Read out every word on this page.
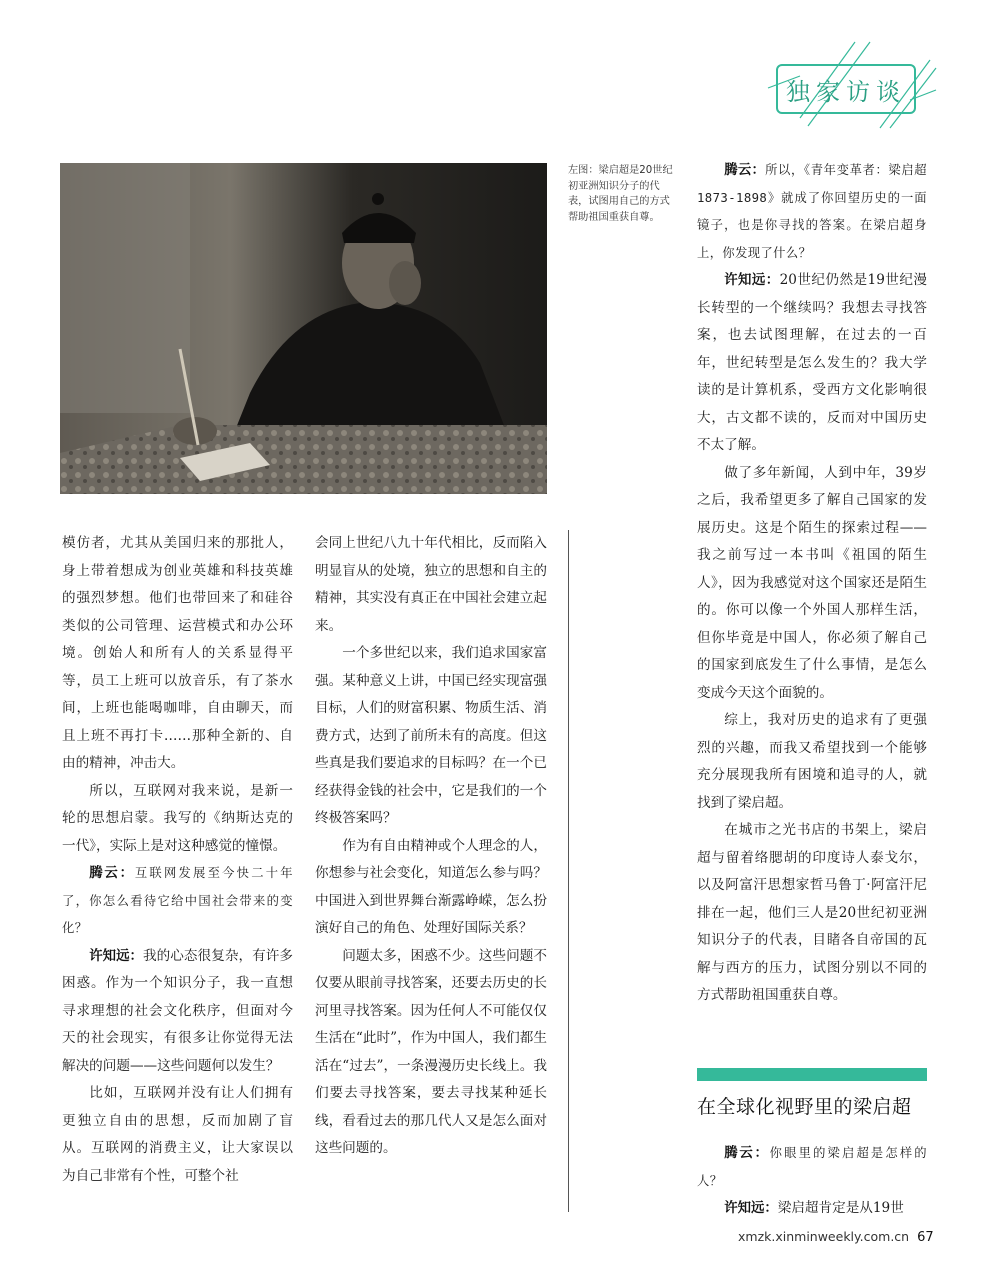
独家访谈
左图：梁启超是20世纪初亚洲知识分子的代表，试图用自己的方式帮助祖国重获自尊。

模仿者，尤其从美国归来的那批人，身上带着想成为创业英雄和科技英雄的强烈梦想。他们也带回来了和硅谷类似的公司管理、运营模式和办公环境。创始人和所有人的关系显得平等，员工上班可以放音乐，有了茶水间，上班也能喝咖啡，自由聊天，而且上班不再打卡……那种全新的、自由的精神，冲击大。

所以，互联网对我来说，是新一轮的思想启蒙。我写的《纳斯达克的一代》，实际上是对这种感觉的憧憬。

腾云：互联网发展至今快二十年了，你怎么看待它给中国社会带来的变化？

许知远：我的心态很复杂，有许多困惑。作为一个知识分子，我一直想寻求理想的社会文化秩序，但面对今天的社会现实，有很多让你觉得无法解决的问题——这些问题何以发生？

比如，互联网并没有让人们拥有更独立自由的思想，反而加剧了盲从。互联网的消费主义，让大家误以为自己非常有个性，可整个社

会同上世纪八九十年代相比，反而陷入明显盲从的处境，独立的思想和自主的精神，其实没有真正在中国社会建立起来。

一个多世纪以来，我们追求国家富强。某种意义上讲，中国已经实现富强目标，人们的财富积累、物质生活、消费方式，达到了前所未有的高度。但这些真是我们要追求的目标吗？在一个已经获得金钱的社会中，它是我们的一个终极答案吗？

作为有自由精神或个人理念的人，你想参与社会变化，知道怎么参与吗？中国进入到世界舞台渐露峥嵘，怎么扮演好自己的角色、处理好国际关系？

问题太多，困惑不少。这些问题不仅要从眼前寻找答案，还要去历史的长河里寻找答案。因为任何人不可能仅仅生活在“此时”，作为中国人，我们都生活在“过去”，一条漫漫历史长线上。我们要去寻找答案，要去寻找某种延长线，看看过去的那几代人又是怎么面对这些问题的。

腾云：所以，《青年变革者：梁启超1873-1898》就成了你回望历史的一面镜子，也是你寻找的答案。在梁启超身上，你发现了什么？

许知远：20世纪仍然是19世纪漫长转型的一个继续吗？我想去寻找答案，也去试图理解，在过去的一百年，世纪转型是怎么发生的？我大学读的是计算机系，受西方文化影响很大，古文都不读的，反而对中国历史不太了解。

做了多年新闻，人到中年，39岁之后，我希望更多了解自己国家的发展历史。这是个陌生的探索过程——我之前写过一本书叫《祖国的陌生人》，因为我感觉对这个国家还是陌生的。你可以像一个外国人那样生活，但你毕竟是中国人，你必须了解自己的国家到底发生了什么事情，是怎么变成今天这个面貌的。

综上，我对历史的追求有了更强烈的兴趣，而我又希望找到一个能够充分展现我所有困境和追寻的人，就找到了梁启超。

在城市之光书店的书架上，梁启超与留着络腮胡的印度诗人泰戈尔，以及阿富汗思想家哲马鲁丁·阿富汗尼排在一起，他们三人是20世纪初亚洲知识分子的代表，目睹各自帝国的瓦解与西方的压力，试图分别以不同的方式帮助祖国重获自尊。

在全球化视野里的梁启超

腾云：你眼里的梁启超是怎样的人？

许知远：梁启超肯定是从19世

xmzk.xinminweekly.com.cn 67
